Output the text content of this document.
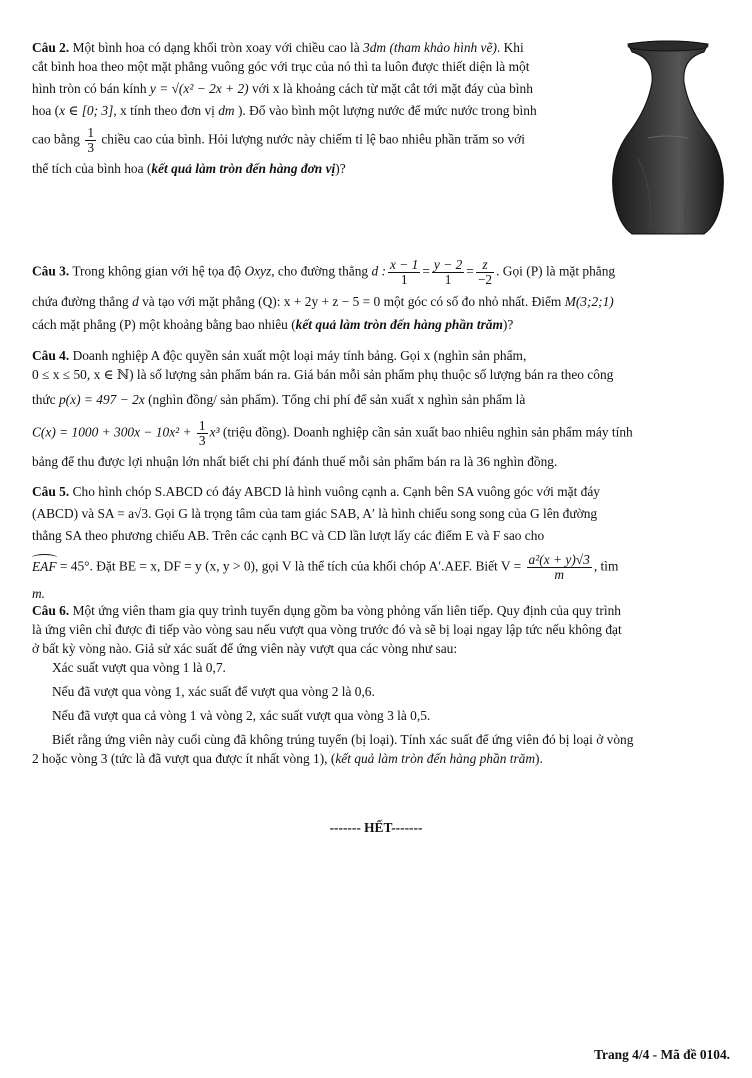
Câu 2. Một bình hoa có dạng khối tròn xoay với chiều cao là 3dm (tham khảo hình vẽ). Khi

cắt bình hoa theo một mặt phẳng vuông góc với trục của nó thì ta luôn được thiết diện là một

hình tròn có bán kính y = √(x² − 2x + 2) với x là khoảng cách từ mặt cắt tới mặt đáy của bình

hoa (x ∈ [0; 3], x tính theo đơn vị dm ). Đổ vào bình một lượng nước để mức nước trong bình

cao bằng $\frac{1}{3}$ chiều cao của bình. Hỏi lượng nước này chiếm tỉ lệ bao nhiêu phần trăm so với

thể tích của bình hoa (kết quả làm tròn đến hàng đơn vị)?

Câu 3. Trong không gian với hệ tọa độ Oxyz, cho đường thẳng d : $\frac{x - 1}{1} = \frac{y - 2}{1} = \frac{z}{-2}$ . Gọi (P) là mặt phẳng

chứa đường thẳng d và tạo với mặt phẳng (Q): x + 2y + z − 5 = 0 một góc có số đo nhỏ nhất. Điểm M(3;2;1)

cách mặt phẳng (P) một khoảng bằng bao nhiêu (kết quả làm tròn đến hàng phần trăm)?

Câu 4. Doanh nghiệp A độc quyền sản xuất một loại máy tính bảng. Gọi x (nghìn sản phẩm,

0 ≤ x ≤ 50, x ∈ ℕ) là số lượng sản phẩm bán ra. Giá bán mỗi sản phẩm phụ thuộc số lượng bán ra theo công

thức p(x) = 497 − 2x (nghìn đồng/ sản phẩm). Tổng chi phí để sản xuất x nghìn sản phẩm là

$C(x) = 1000 + 300x - 10x^2 + \frac{1}{3} x^3$ (triệu đồng). Doanh nghiệp cần sản xuất bao nhiêu nghìn sản phẩm máy tính

bảng để thu được lợi nhuận lớn nhất biết chi phí đánh thuế mỗi sản phẩm bán ra là 36 nghìn đồng.

Câu 5. Cho hình chóp S.ABCD có đáy ABCD là hình vuông cạnh a. Cạnh bên SA vuông góc với mặt đáy

(ABCD) và SA = a√3. Gọi G là trọng tâm của tam giác SAB, A′ là hình chiếu song song của G lên đường

thẳng SA theo phương chiếu AB. Trên các cạnh BC và CD lần lượt lấy các điểm E và F sao cho

EAF = 45°. Đặt BE = x, DF = y (x, y > 0), gọi V là thể tích của khối chóp A′.AEF. Biết $V = \frac{\text{a²(x + y)√3}}{m}$ , tìm

m.

Câu 6. Một ứng viên tham gia quy trình tuyển dụng gồm ba vòng phỏng vấn liên tiếp. Quy định của quy trình

là ứng viên chỉ được đi tiếp vào vòng sau nếu vượt qua vòng trước đó và sẽ bị loại ngay lập tức nếu không đạt

ở bất kỳ vòng nào. Giả sử xác suất để ứng viên này vượt qua các vòng như sau:

Xác suất vượt qua vòng 1 là 0,7.

Nếu đã vượt qua vòng 1, xác suất để vượt qua vòng 2 là 0,6.

Nếu đã vượt qua cả vòng 1 và vòng 2, xác suất vượt qua vòng 3 là 0,5.

Biết rằng ứng viên này cuối cùng đã không trúng tuyển (bị loại). Tính xác suất để ứng viên đó bị loại ở vòng

2 hoặc vòng 3 (tức là đã vượt qua được ít nhất vòng 1), (kết quả làm tròn đến hàng phần trăm).

------- HẾT-------
Trang 4/4 - Mã đề 0104.
